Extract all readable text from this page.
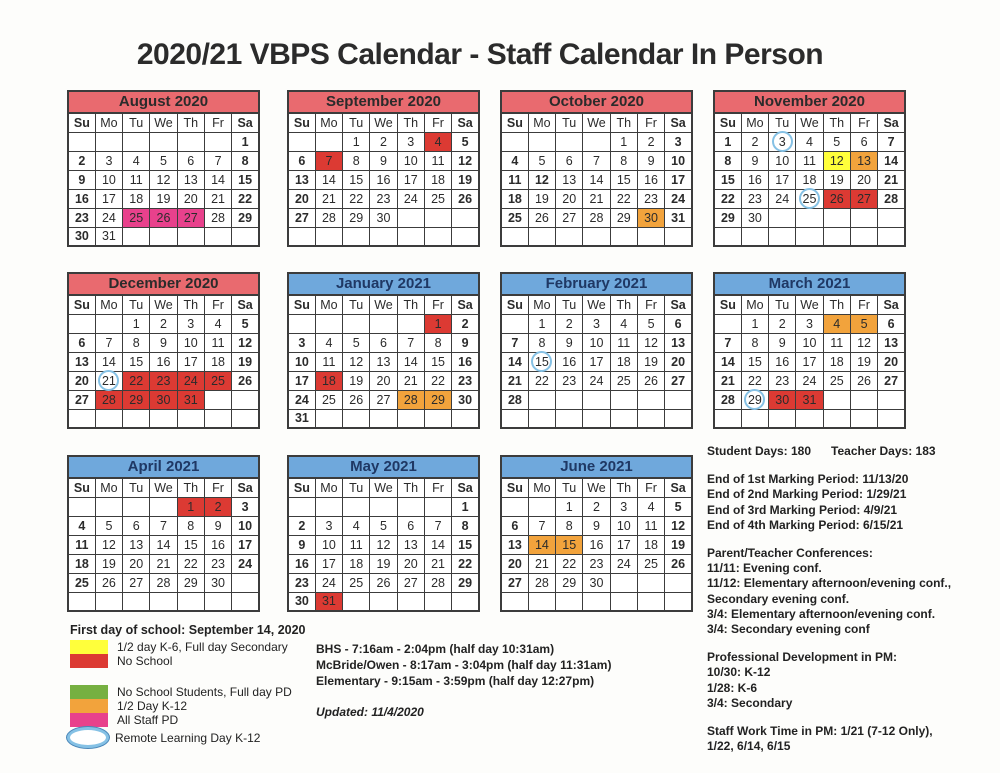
2020/21 VBPS Calendar - Staff Calendar In Person
August 2020
Su	Mo	Tu	We	Th	Fr	Sa
						1
2	3	4	5	6	7	8
9	10	11	12	13	14	15
16	17	18	19	20	21	22
23	24	25	26	27	28	29
30	31					
September 2020
Su	Mo	Tu	We	Th	Fr	Sa
		1	2	3	4	5
6	7	8	9	10	11	12
13	14	15	16	17	18	19
20	21	22	23	24	25	26
27	28	29	30			

October 2020
Su	Mo	Tu	We	Th	Fr	Sa
				1	2	3
4	5	6	7	8	9	10
11	12	13	14	15	16	17
18	19	20	21	22	23	24
25	26	27	28	29	30	31

November 2020
Su	Mo	Tu	We	Th	Fr	Sa
1	2	3	4	5	6	7
8	9	10	11	12	13	14
15	16	17	18	19	20	21
22	23	24	25	26	27	28
29	30					

December 2020
Su	Mo	Tu	We	Th	Fr	Sa
		1	2	3	4	5
6	7	8	9	10	11	12
13	14	15	16	17	18	19
20	21	22	23	24	25	26
27	28	29	30	31		

January 2021
Su	Mo	Tu	We	Th	Fr	Sa
					1	2
3	4	5	6	7	8	9
10	11	12	13	14	15	16
17	18	19	20	21	22	23
24	25	26	27	28	29	30
31						
February 2021
Su	Mo	Tu	We	Th	Fr	Sa
	1	2	3	4	5	6
7	8	9	10	11	12	13
14	15	16	17	18	19	20
21	22	23	24	25	26	27
28						

March 2021
Su	Mo	Tu	We	Th	Fr	Sa
	1	2	3	4	5	6
7	8	9	10	11	12	13
14	15	16	17	18	19	20
21	22	23	24	25	26	27
28	29	30	31			

April 2021
Su	Mo	Tu	We	Th	Fr	Sa
				1	2	3
4	5	6	7	8	9	10
11	12	13	14	15	16	17
18	19	20	21	22	23	24
25	26	27	28	29	30	

May 2021
Su	Mo	Tu	We	Th	Fr	Sa
						1
2	3	4	5	6	7	8
9	10	11	12	13	14	15
16	17	18	19	20	21	22
23	24	25	26	27	28	29
30	31					
June 2021
Su	Mo	Tu	We	Th	Fr	Sa
		1	2	3	4	5
6	7	8	9	10	11	12
13	14	15	16	17	18	19
20	21	22	23	24	25	26
27	28	29	30			

First day of school: September 14, 2020
1/2 day K-6, Full day Secondary
No School
No School Students, Full day PD
1/2 Day K-12
All Staff PD
Remote Learning Day K-12
BHS - 7:16am - 2:04pm (half day 10:31am)
McBride/Owen - 8:17am - 3:04pm (half day 11:31am)
Elementary - 9:15am - 3:59pm (half day 12:27pm)
Updated: 11/4/2020
Student Days: 180 Teacher Days: 183
End of 1st Marking Period: 11/13/20
End of 2nd Marking Period: 1/29/21
End of 3rd Marking Period: 4/9/21
End of 4th Marking Period: 6/15/21
Parent/Teacher Conferences:
11/11: Evening conf.
11/12: Elementary afternoon/evening conf.,
Secondary evening conf.
3/4: Elementary afternoon/evening conf.
3/4: Secondary evening conf
Professional Development in PM:
10/30: K-12
1/28: K-6
3/4: Secondary
Staff Work Time in PM: 1/21 (7-12 Only),
1/22, 6/14, 6/15
